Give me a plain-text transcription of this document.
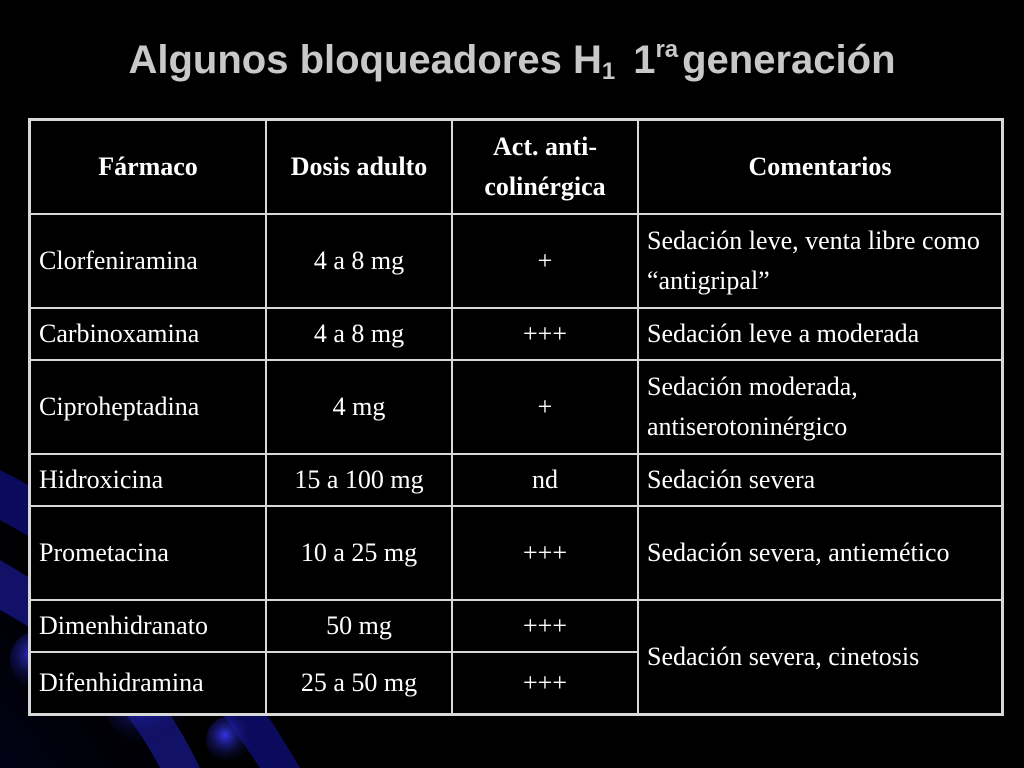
Algunos bloqueadores $H_1$ $1^{ra}$ generación
Fármaco	Dosis adulto	Act. anti-colinérgica	Comentarios
Clorfeniramina	4 a 8 mg	+	Sedación leve, venta libre como “antigripal”
Carbinoxamina	4 a 8 mg	+++	Sedación leve a moderada
Ciproheptadina	4 mg	+	Sedación moderada, antiserotoninérgico
Hidroxicina	15 a 100 mg	nd	Sedación severa
Prometacina	10 a 25 mg	+++	Sedación severa, antiemético
Dimenhidranato	50 mg	+++	Sedación severa, cinetosis
Difenhidramina	25 a 50 mg	+++	
